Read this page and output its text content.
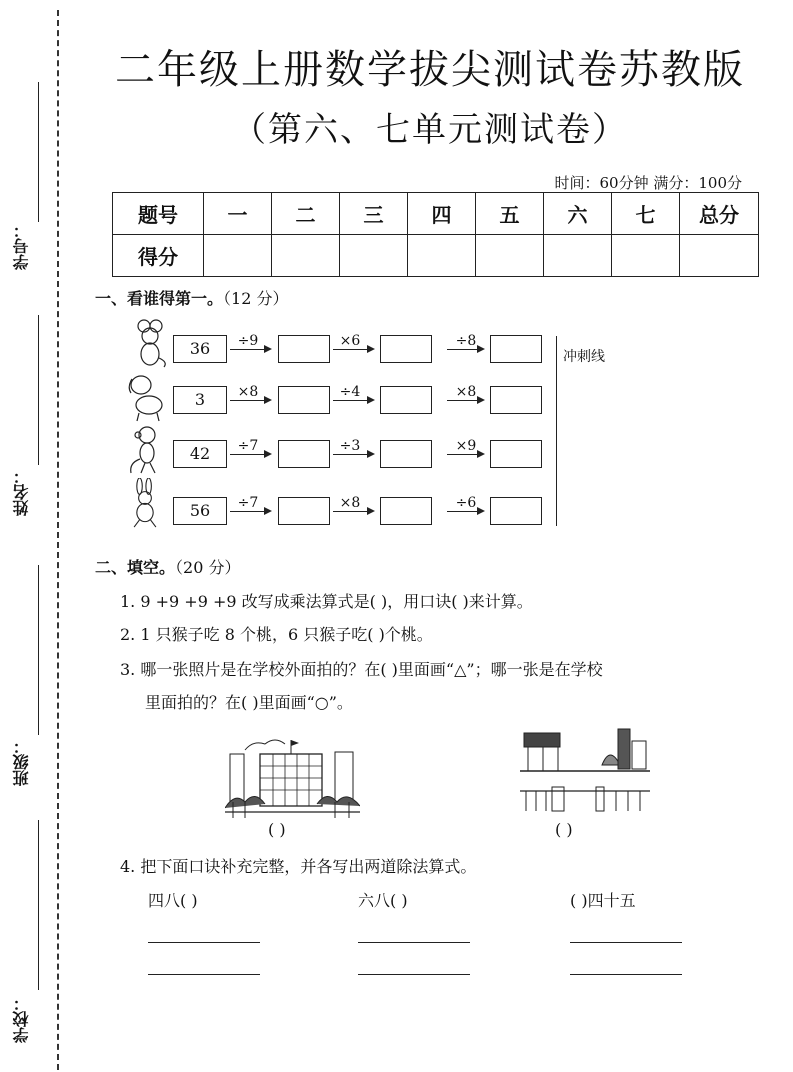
学号：
姓名：
班级：
学校：
二年级上册数学拔尖测试卷苏教版
（第六、七单元测试卷）
时间：60分钟 满分：100分
题号	一	二	三	四	五	六	七	总分
得分								
一、看谁得第一。（12 分）
36	÷9	×6	÷8
3	×8	÷4	×8
42	÷7	÷3	×9
56	÷7	×8	÷6
冲刺线
二、填空。（20 分）
1. 9 +9 +9 +9 改写成乘法算式是( )，用口诀( )来计算。
2. 1 只猴子吃 8 个桃，6 只猴子吃( )个桃。
3. 哪一张照片是在学校外面拍的？在( )里面画“△”；哪一张是在学校
里面拍的？在( )里面画“○”。
( )	( )
4. 把下面口诀补充完整，并各写出两道除法算式。
四八( )	六八( )	( )四十五
